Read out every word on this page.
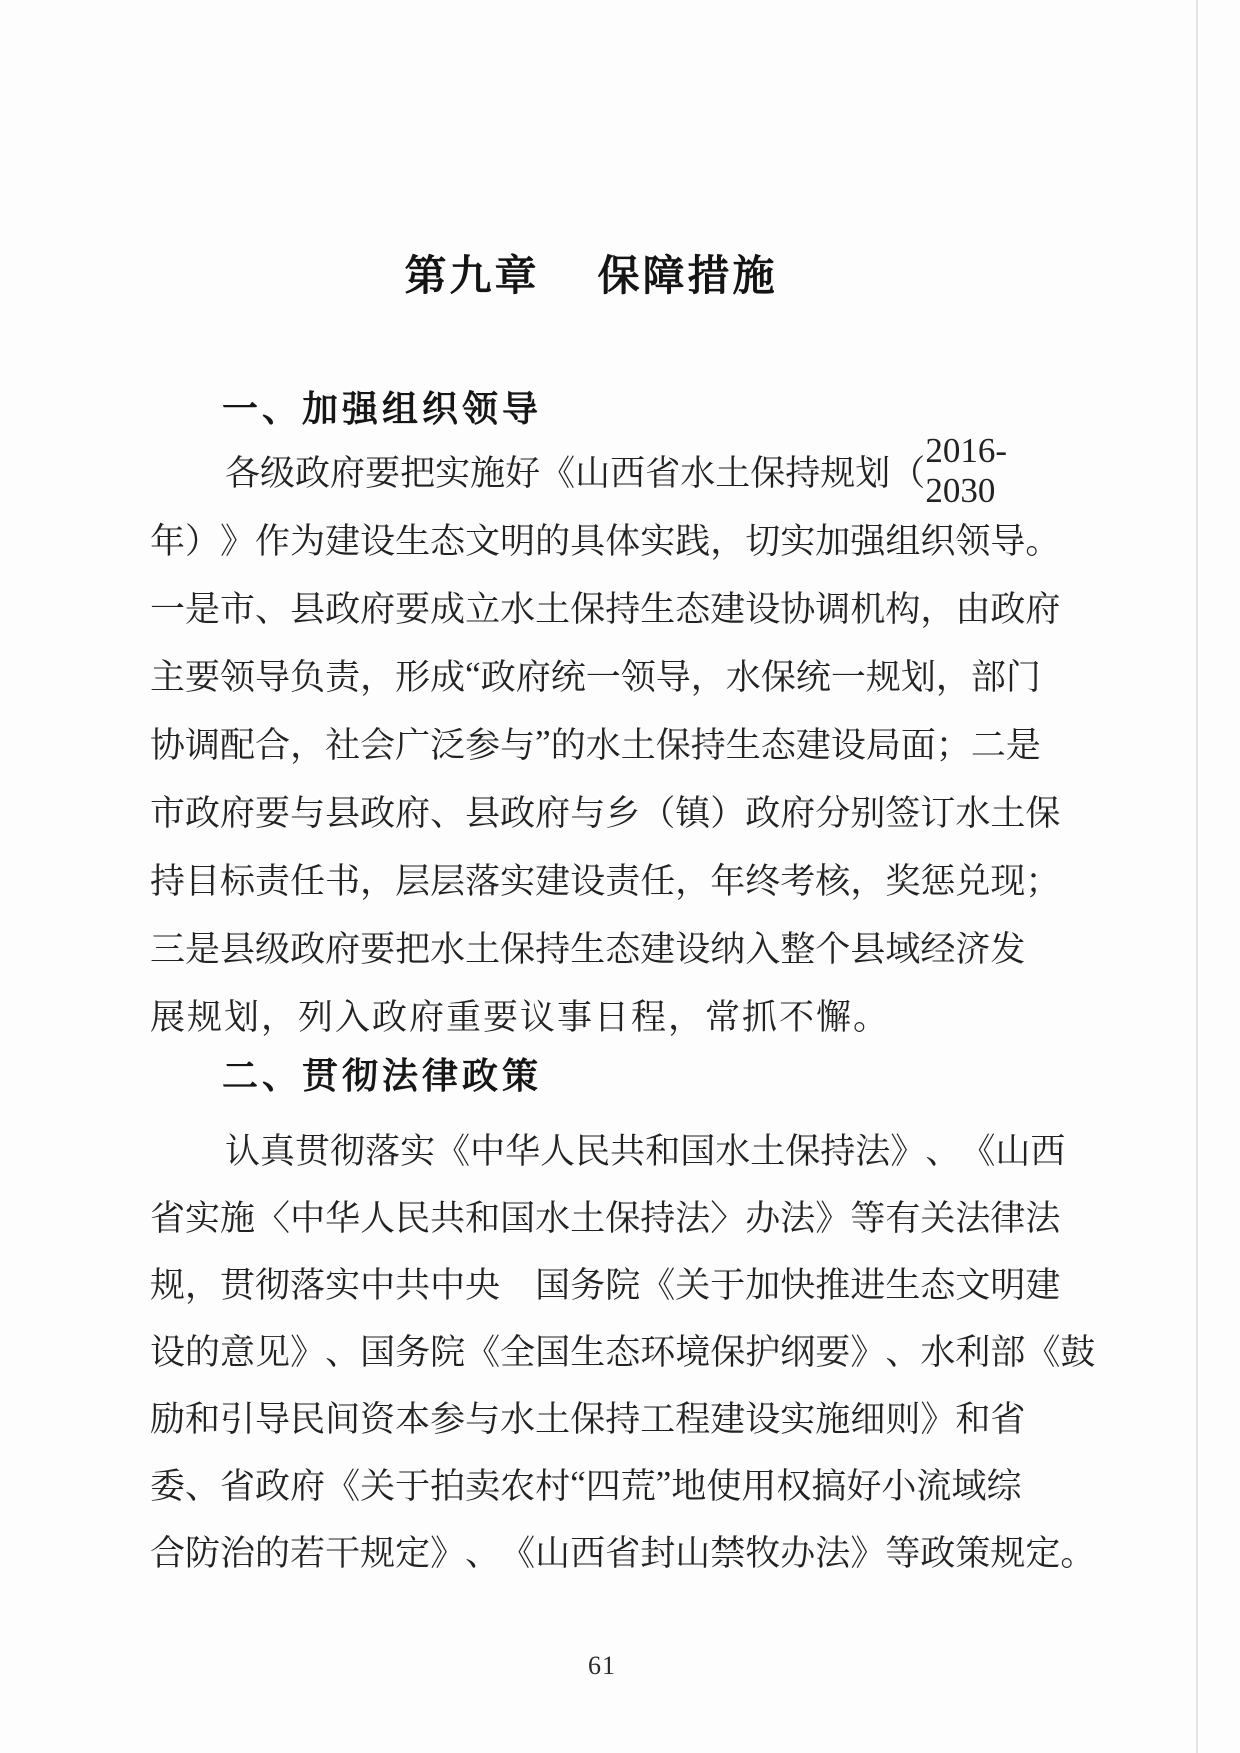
第九章 保障措施
一、加强组织领导
各 级 政 府 要 把 实 施 好 《 山 西 省 水 土 保 持 规 划 （
2016-2030
年 ） 》 作 为 建 设 生 态 文 明 的 具 体 实 践 ， 切 实 加 强 组 织 领 导 。
一 是 市 、 县 政 府 要 成 立 水 土 保 持 生 态 建 设 协 调 机 构 ， 由 政 府
主 要 领 导 负 责 ， 形 成 “ 政 府 统 一 领 导 ， 水 保 统 一 规 划 ， 部 门
协 调 配 合 ， 社 会 广 泛 参 与 ” 的 水 土 保 持 生 态 建 设 局 面 ； 二 是
市 政 府 要 与 县 政 府 、 县 政 府 与 乡 （ 镇 ） 政 府 分 别 签 订 水 土 保
持 目 标 责 任 书 ， 层 层 落 实 建 设 责 任 ， 年 终 考 核 ， 奖 惩 兑 现 ；
三 是 县 级 政 府 要 把 水 土 保 持 生 态 建 设 纳 入 整 个 县 域 经 济 发
展规划，列入政府重要议事日程，常抓不懈。
二、贯彻法律政策
认 真 贯 彻 落 实 《 中 华 人 民 共 和 国 水 土 保 持 法 》 、 《 山 西
省 实 施 〈 中 华 人 民 共 和 国 水 土 保 持 法 〉 办 法 》 等 有 关 法 律 法
规 ， 贯 彻 落 实 中 共 中 央
　 国 务 院 《 关 于 加 快 推 进 生 态 文 明 建
设 的 意 见 》 、 国 务 院 《 全 国 生 态 环 境 保 护 纲 要 》 、 水 利 部 《 鼓
励 和 引 导 民 间 资 本 参 与 水 土 保 持 工 程 建 设 实 施 细 则 》 和 省
委 、 省 政 府 《 关 于 拍 卖 农 村 “ 四 荒 ” 地 使 用 权 搞 好 小 流 域 综
合 防 治 的 若 干 规 定 》 、 《 山 西 省 封 山 禁 牧 办 法 》 等 政 策 规 定 。
61
